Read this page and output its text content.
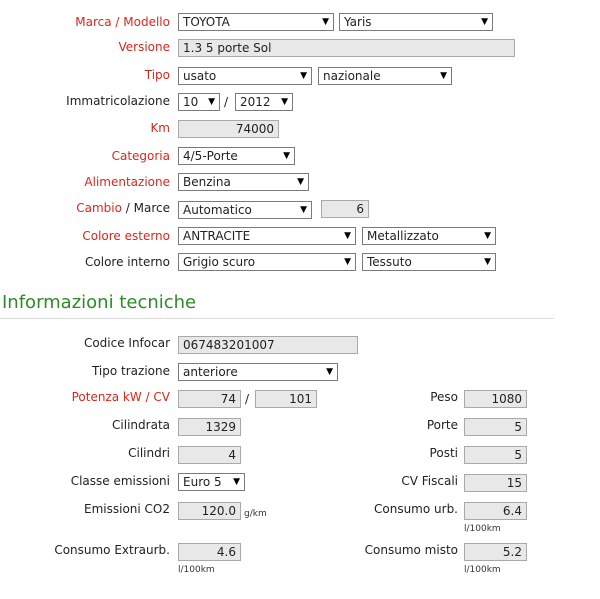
Marca / Modello	TOYOTA	▼	Yaris	▼
Versione	1.3 5 porte Sol
Tipo	usato	▼	nazionale	▼
Immatricolazione	10 ▼ / 2012 ▼
Km	74000
Categoria	4/5-Porte	▼
Alimentazione	Benzina	▼
Cambio / Marce	Automatico	▼	6
Colore esterno	ANTRACITE	▼	Metallizzato	▼
Colore interno	Grigio scuro	▼	Tessuto	▼
Informazioni tecniche
Codice Infocar	067483201007
Tipo trazione	anteriore	▼
Potenza kW / CV	74 /	101
Cilindrata	1329
Cilindri	4
Classe emissioni	Euro 5 ▼
Emissioni CO2	120.0 g/km
Consumo Extraurb.	4.6
l/100km
Peso	1080
Porte	5
Posti	5
CV Fiscali	15
Consumo urb.	6.4
l/100km
Consumo misto	5.2
l/100km
